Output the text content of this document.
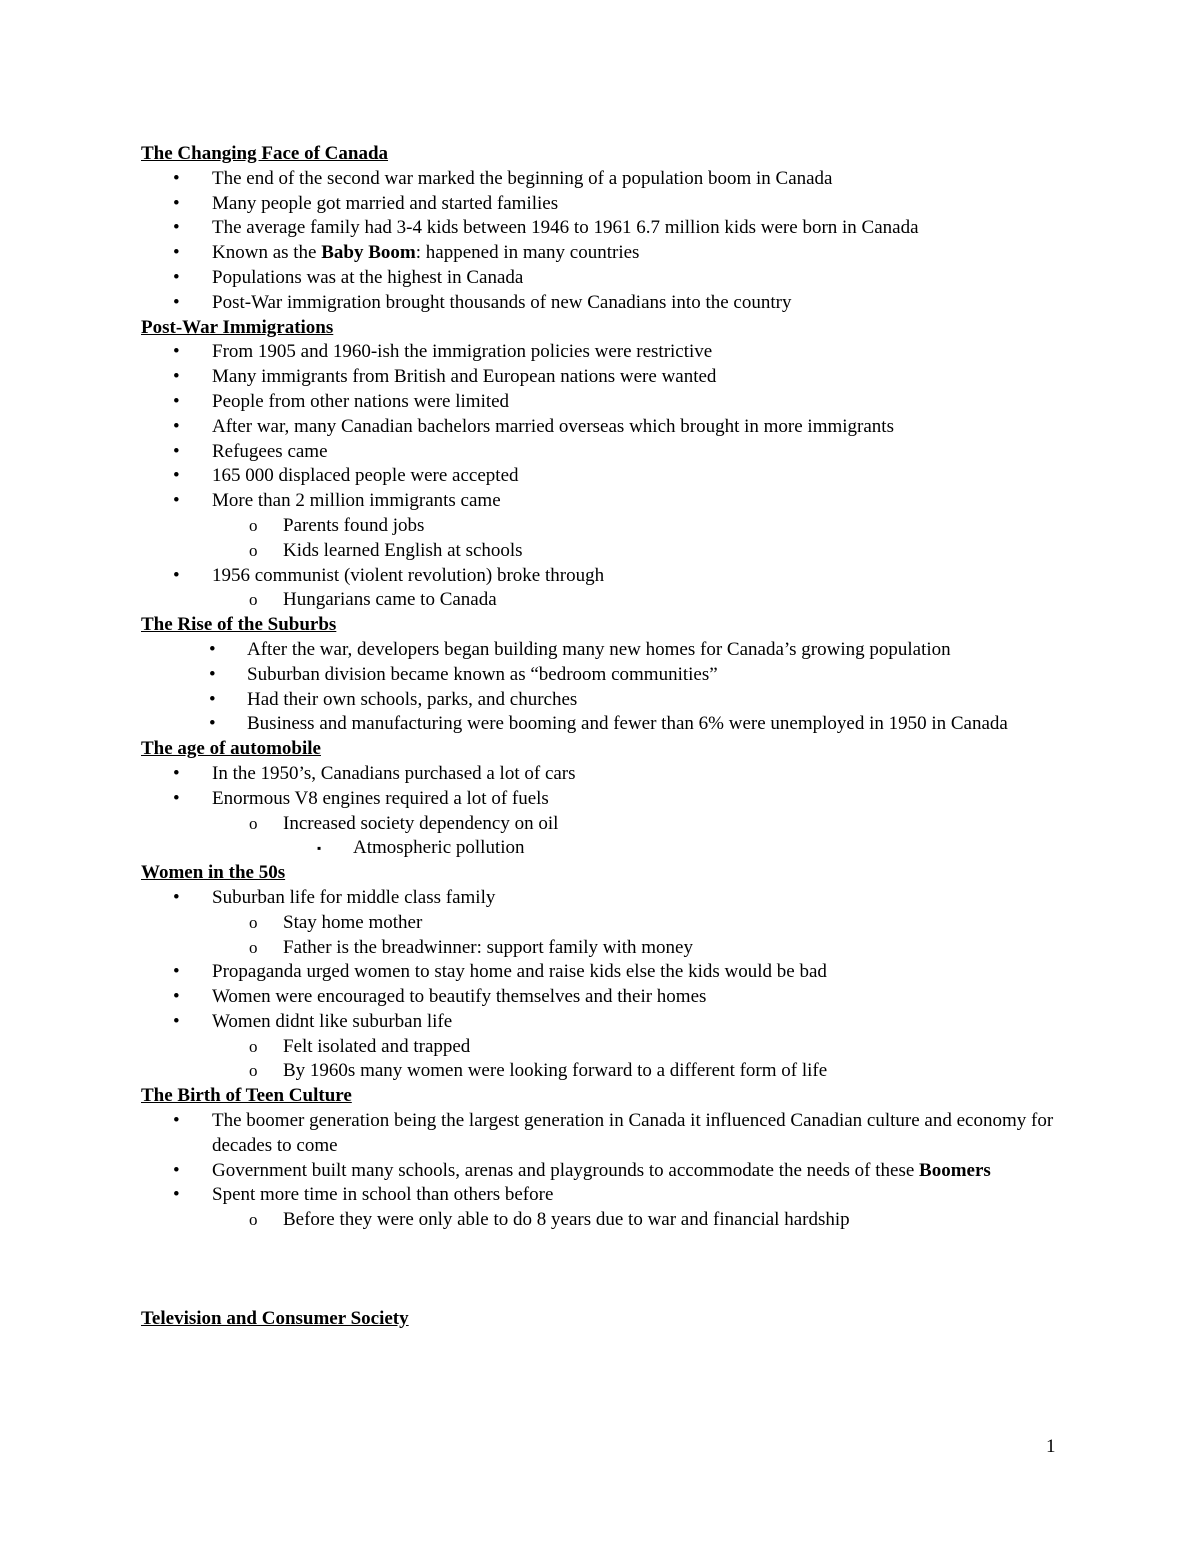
The Changing Face of Canada
• The end of the second war marked the beginning of a population boom in Canada
• Many people got married and started families
• The average family had 3-4 kids between 1946 to 1961 6.7 million kids were born in Canada
• Known as the Baby Boom: happened in many countries
• Populations was at the highest in Canada
• Post-War immigration brought thousands of new Canadians into the country
Post-War Immigrations
• From 1905 and 1960-ish the immigration policies were restrictive
• Many immigrants from British and European nations were wanted
• People from other nations were limited
• After war, many Canadian bachelors married overseas which brought in more immigrants
• Refugees came
• 165 000 displaced people were accepted
• More than 2 million immigrants came
o Parents found jobs
o Kids learned English at schools
• 1956 communist (violent revolution) broke through
o Hungarians came to Canada
The Rise of the Suburbs
• After the war, developers began building many new homes for Canada’s growing population
• Suburban division became known as “bedroom communities”
• Had their own schools, parks, and churches
• Business and manufacturing were booming and fewer than 6% were unemployed in 1950 in Canada
The age of automobile
• In the 1950’s, Canadians purchased a lot of cars
• Enormous V8 engines required a lot of fuels
o Increased society dependency on oil
▪ Atmospheric pollution
Women in the 50s
• Suburban life for middle class family
o Stay home mother
o Father is the breadwinner: support family with money
• Propaganda urged women to stay home and raise kids else the kids would be bad
• Women were encouraged to beautify themselves and their homes
• Women didnt like suburban life
o Felt isolated and trapped
o By 1960s many women were looking forward to a different form of life
The Birth of Teen Culture
• The boomer generation being the largest generation in Canada it influenced Canadian culture and economy for decades to come
• Government built many schools, arenas and playgrounds to accommodate the needs of these Boomers
• Spent more time in school than others before
o Before they were only able to do 8 years due to war and financial hardship
Television and Consumer Society
1
